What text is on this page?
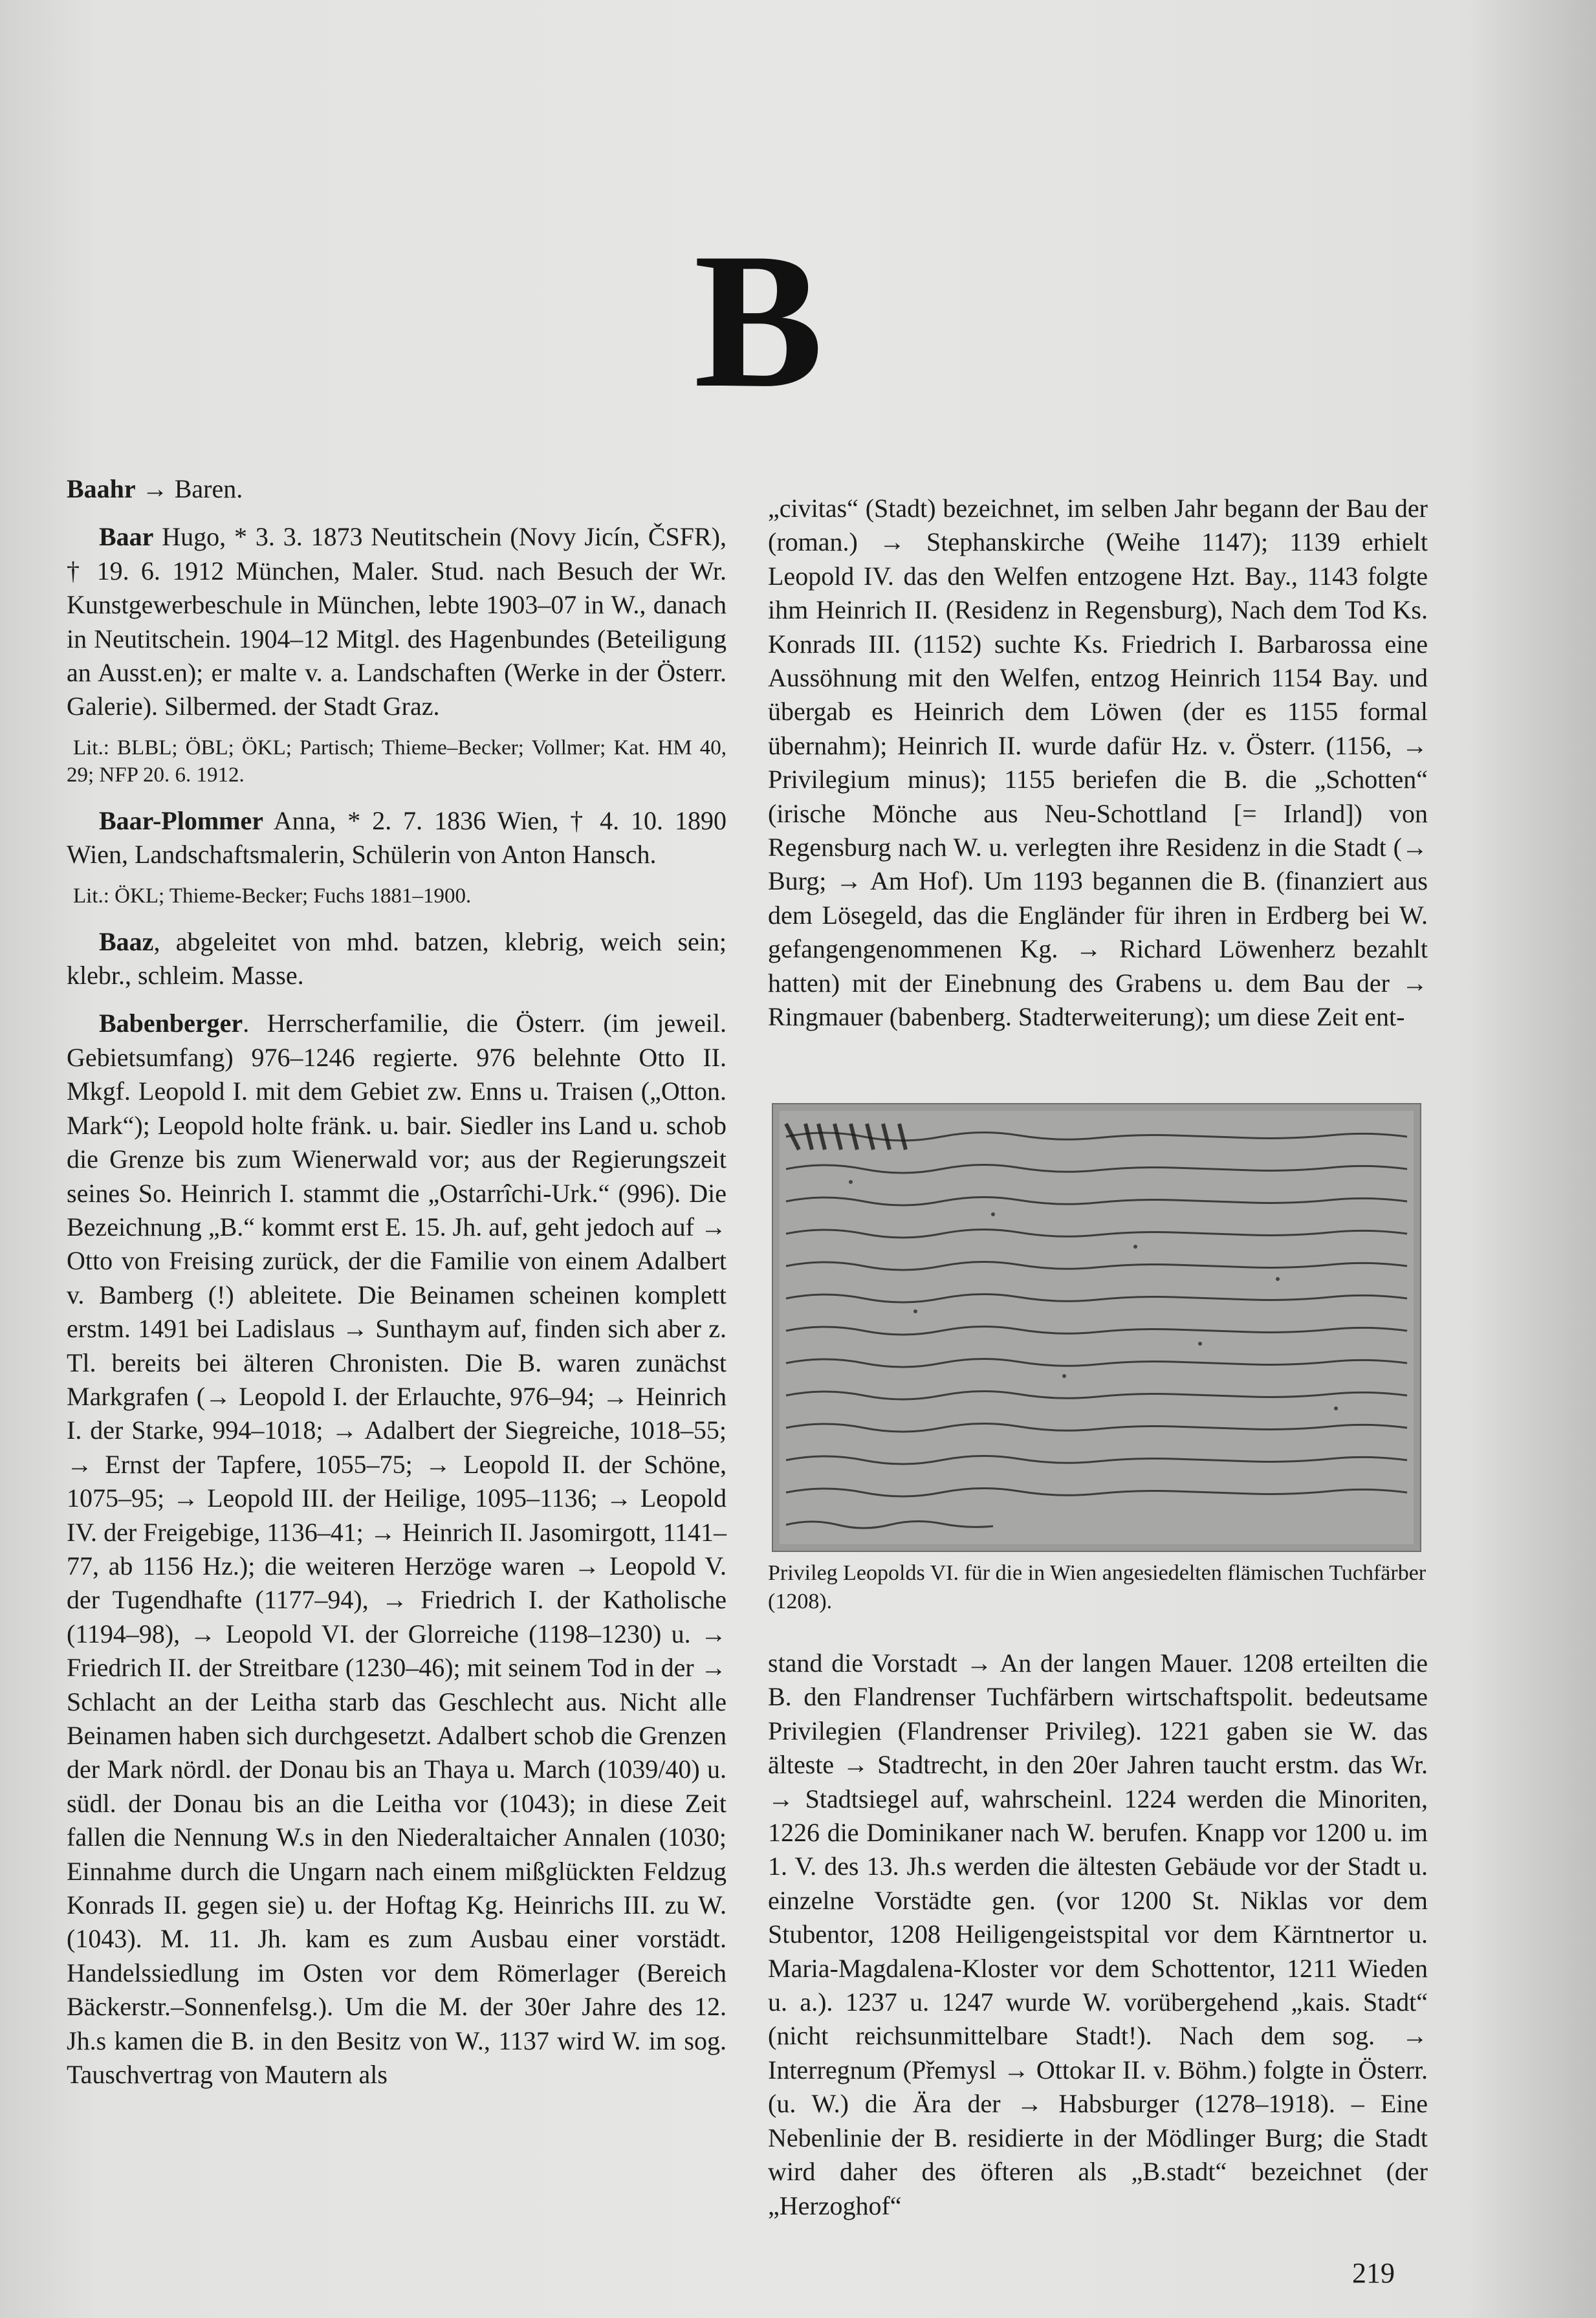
B

Baahr → Baren.

Baar Hugo, * 3. 3. 1873 Neutitschein (Novy Jicín, ČSFR), † 19. 6. 1912 München, Maler. Stud. nach Besuch der Wr. Kunstgewerbeschule in München, lebte 1903–07 in W., danach in Neutitschein. 1904–12 Mitgl. des Hagenbundes (Beteiligung an Ausst.en); er malte v. a. Landschaften (Werke in der Österr. Galerie). Silbermed. der Stadt Graz.

Lit.: BLBL; ÖBL; ÖKL; Partisch; Thieme–Becker; Vollmer; Kat. HM 40, 29; NFP 20. 6. 1912.

Baar-Plommer Anna, * 2. 7. 1836 Wien, † 4. 10. 1890 Wien, Landschaftsmalerin, Schülerin von Anton Hansch.

Lit.: ÖKL; Thieme-Becker; Fuchs 1881–1900.

Baaz, abgeleitet von mhd. batzen, klebrig, weich sein; klebr., schleim. Masse.

Babenberger. Herrscherfamilie, die Österr. (im jeweil. Gebietsumfang) 976–1246 regierte. 976 belehnte Otto II. Mkgf. Leopold I. mit dem Gebiet zw. Enns u. Traisen („Otton. Mark“); Leopold holte fränk. u. bair. Siedler ins Land u. schob die Grenze bis zum Wienerwald vor; aus der Regierungszeit seines So. Heinrich I. stammt die „Ostarrîchi-Urk.“ (996). Die Bezeichnung „B.“ kommt erst E. 15. Jh. auf, geht jedoch auf → Otto von Freising zurück, der die Familie von einem Adalbert v. Bamberg (!) ableitete. Die Beinamen scheinen komplett erstm. 1491 bei Ladislaus → Sunthaym auf, finden sich aber z. Tl. bereits bei älteren Chronisten. Die B. waren zunächst Markgrafen (→ Leopold I. der Erlauchte, 976–94; → Heinrich I. der Starke, 994–1018; → Adalbert der Siegreiche, 1018–55; → Ernst der Tapfere, 1055–75; → Leopold II. der Schöne, 1075–95; → Leopold III. der Heilige, 1095–1136; → Leopold IV. der Freigebige, 1136–41; → Heinrich II. Jasomirgott, 1141–77, ab 1156 Hz.); die weiteren Herzöge waren → Leopold V. der Tugendhafte (1177–94), → Friedrich I. der Katholische (1194–98), → Leopold VI. der Glorreiche (1198–1230) u. → Friedrich II. der Streitbare (1230–46); mit seinem Tod in der → Schlacht an der Leitha starb das Geschlecht aus. Nicht alle Beinamen haben sich durchgesetzt. Adalbert schob die Grenzen der Mark nördl. der Donau bis an Thaya u. March (1039/40) u. südl. der Donau bis an die Leitha vor (1043); in diese Zeit fallen die Nennung W.s in den Niederaltaicher Annalen (1030; Einnahme durch die Ungarn nach einem mißglückten Feldzug Konrads II. gegen sie) u. der Hoftag Kg. Heinrichs III. zu W. (1043). M. 11. Jh. kam es zum Ausbau einer vorstädt. Handelssiedlung im Osten vor dem Römerlager (Bereich Bäckerstr.–Sonnenfelsg.). Um die M. der 30er Jahre des 12. Jh.s kamen die B. in den Besitz von W., 1137 wird W. im sog. Tauschvertrag von Mautern als

„civitas“ (Stadt) bezeichnet, im selben Jahr begann der Bau der (roman.) → Stephanskirche (Weihe 1147); 1139 erhielt Leopold IV. das den Welfen entzogene Hzt. Bay., 1143 folgte ihm Heinrich II. (Residenz in Regensburg), Nach dem Tod Ks. Konrads III. (1152) suchte Ks. Friedrich I. Barbarossa eine Aussöhnung mit den Welfen, entzog Heinrich 1154 Bay. und übergab es Heinrich dem Löwen (der es 1155 formal übernahm); Heinrich II. wurde dafür Hz. v. Österr. (1156, → Privilegium minus); 1155 beriefen die B. die „Schotten“ (irische Mönche aus Neu-Schottland [= Irland]) von Regensburg nach W. u. verlegten ihre Residenz in die Stadt (→ Burg; → Am Hof). Um 1193 begannen die B. (finanziert aus dem Lösegeld, das die Engländer für ihren in Erdberg bei W. gefangengenommenen Kg. → Richard Löwenherz bezahlt hatten) mit der Einebnung des Grabens u. dem Bau der → Ringmauer (babenberg. Stadterweiterung); um diese Zeit ent-

Privileg Leopolds VI. für die in Wien angesiedelten flämischen Tuchfärber (1208).

stand die Vorstadt → An der langen Mauer. 1208 erteilten die B. den Flandrenser Tuchfärbern wirtschaftspolit. bedeutsame Privilegien (Flandrenser Privileg). 1221 gaben sie W. das älteste → Stadtrecht, in den 20er Jahren taucht erstm. das Wr. → Stadtsiegel auf, wahrscheinl. 1224 werden die Minoriten, 1226 die Dominikaner nach W. berufen. Knapp vor 1200 u. im 1. V. des 13. Jh.s werden die ältesten Gebäude vor der Stadt u. einzelne Vorstädte gen. (vor 1200 St. Niklas vor dem Stubentor, 1208 Heiligengeistspital vor dem Kärntnertor u. Maria-Magdalena-Kloster vor dem Schottentor, 1211 Wieden u. a.). 1237 u. 1247 wurde W. vorübergehend „kais. Stadt“ (nicht reichsunmittelbare Stadt!). Nach dem sog. → Interregnum (Přemysl → Ottokar II. v. Böhm.) folgte in Österr. (u. W.) die Ära der → Habsburger (1278–1918). – Eine Nebenlinie der B. residierte in der Mödlinger Burg; die Stadt wird daher des öfteren als „B.stadt“ bezeichnet (der „Herzoghof“

219
